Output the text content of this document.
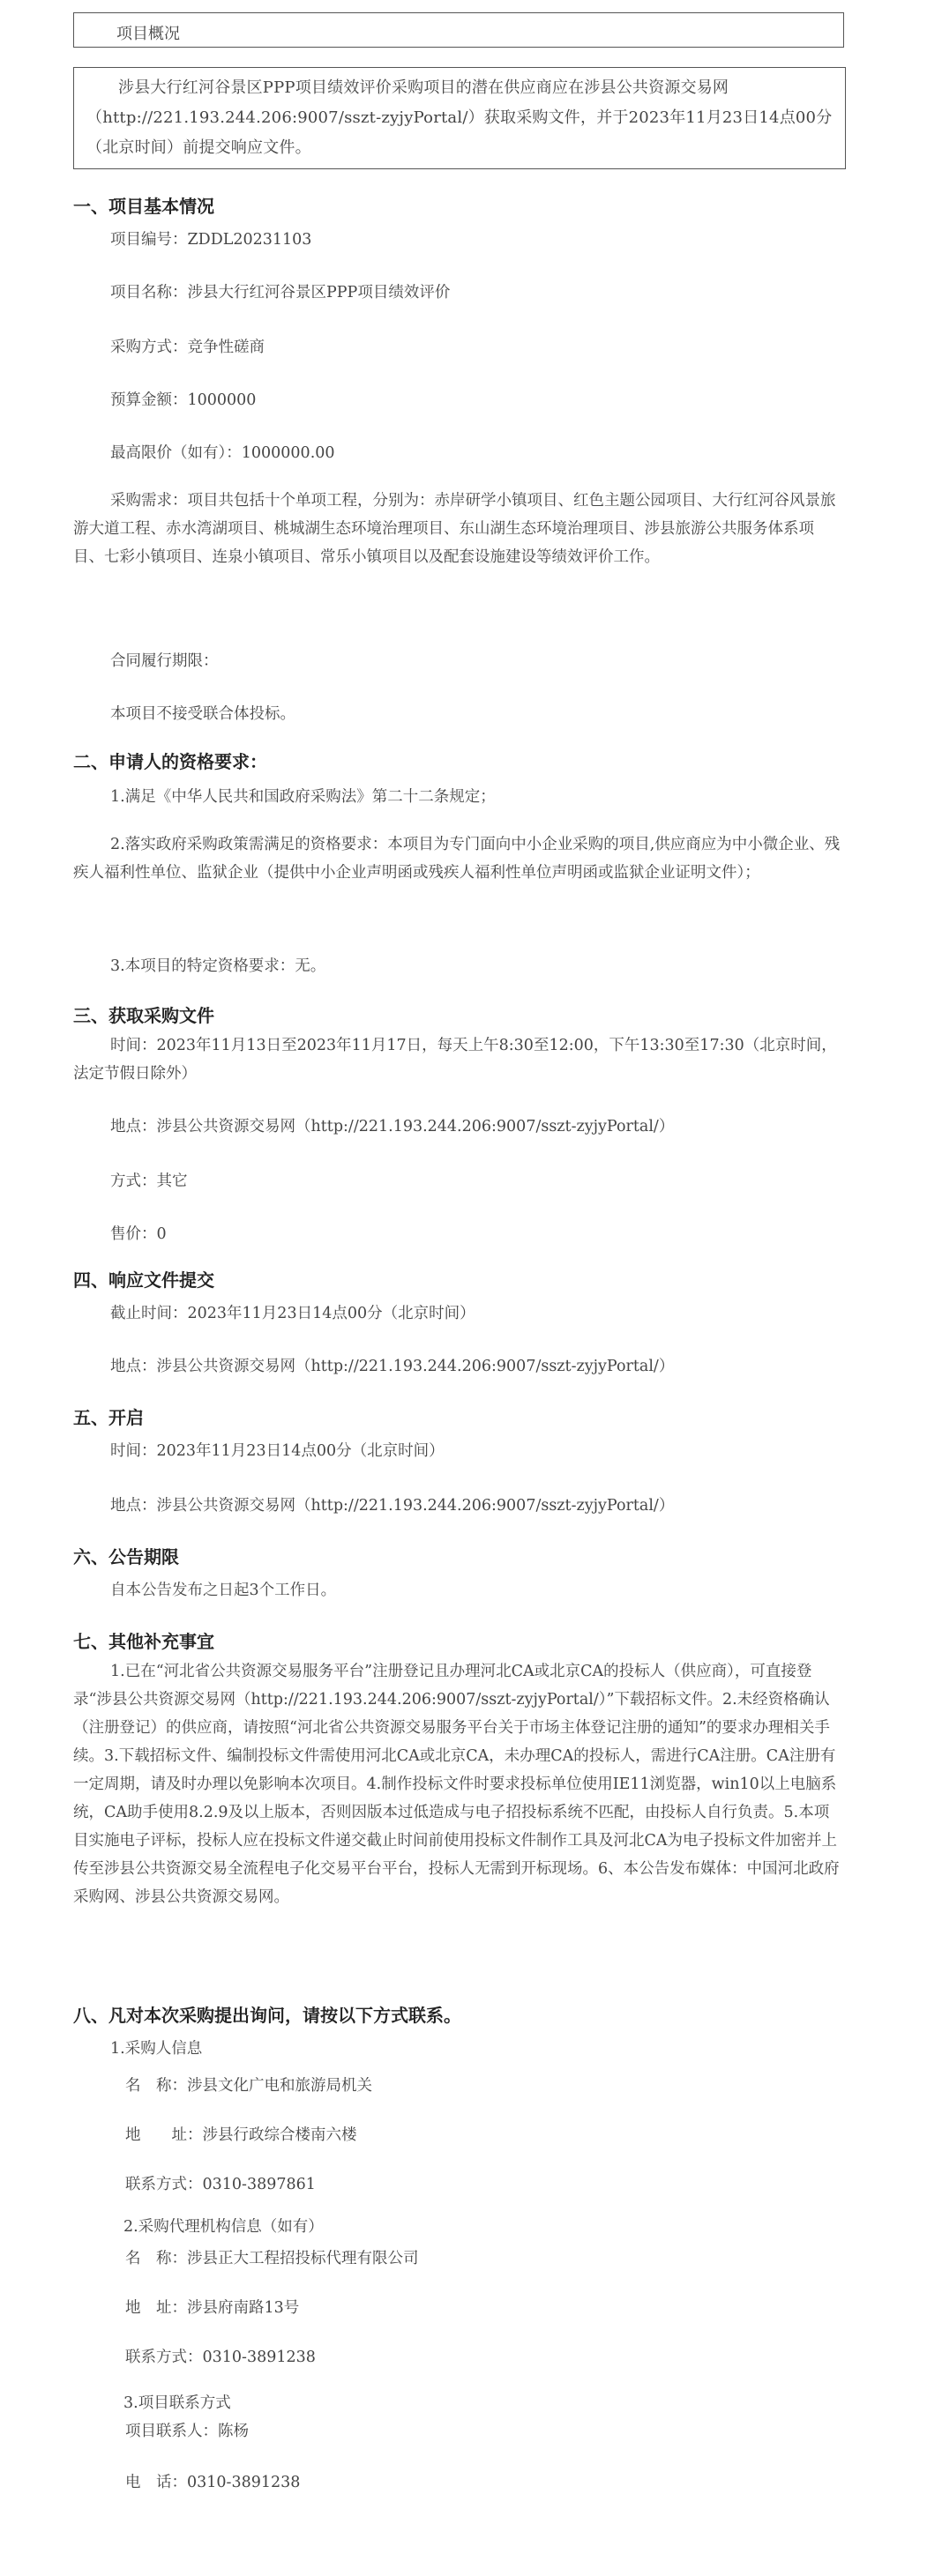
项目概况

涉县大行红河谷景区PPP项目绩效评价采购项目的潜在供应商应在涉县公共资源交易网（http://221.193.244.206:9007/sszt-zyjyPortal/）获取采购文件，并于2023年11月23日14点00分（北京时间）前提交响应文件。

一、项目基本情况
项目编号：ZDDL20231103
项目名称：涉县大行红河谷景区PPP项目绩效评价
采购方式：竞争性磋商
预算金额：1000000
最高限价（如有）：1000000.00

采购需求：项目共包括十个单项工程，分别为：赤岸研学小镇项目、红色主题公园项目、大行红河谷风景旅游大道工程、赤水湾湖项目、桃城湖生态环境治理项目、东山湖生态环境治理项目、涉县旅游公共服务体系项目、七彩小镇项目、连泉小镇项目、常乐小镇项目以及配套设施建设等绩效评价工作。

合同履行期限：
本项目不接受联合体投标。
二、申请人的资格要求：
1.满足《中华人民共和国政府采购法》第二十二条规定；

2.落实政府采购政策需满足的资格要求：本项目为专门面向中小企业采购的项目,供应商应为中小微企业、残疾人福利性单位、监狱企业（提供中小企业声明函或残疾人福利性单位声明函或监狱企业证明文件）；

3.本项目的特定资格要求：无。
三、获取采购文件

时间：2023年11月13日至2023年11月17日，每天上午8:30至12:00，下午13:30至17:30（北京时间，法定节假日除外）

地点：涉县公共资源交易网（http://221.193.244.206:9007/sszt-zyjyPortal/）
方式：其它
售价：0
四、响应文件提交
截止时间：2023年11月23日14点00分（北京时间）
地点：涉县公共资源交易网（http://221.193.244.206:9007/sszt-zyjyPortal/）
五、开启
时间：2023年11月23日14点00分（北京时间）
地点：涉县公共资源交易网（http://221.193.244.206:9007/sszt-zyjyPortal/）
六、公告期限
自本公告发布之日起3个工作日。
七、其他补充事宜

1.已在“河北省公共资源交易服务平台”注册登记且办理河北CA或北京CA的投标人（供应商），可直接登录“涉县公共资源交易网（http://221.193.244.206:9007/sszt-zyjyPortal/）”下载招标文件。2.未经资格确认（注册登记）的供应商，请按照“河北省公共资源交易服务平台关于市场主体登记注册的通知”的要求办理相关手续。3.下载招标文件、编制投标文件需使用河北CA或北京CA，未办理CA的投标人，需进行CA注册。CA注册有一定周期，请及时办理以免影响本次项目。4.制作投标文件时要求投标单位使用IE11浏览器，win10以上电脑系统，CA助手使用8.2.9及以上版本，否则因版本过低造成与电子招投标系统不匹配，由投标人自行负责。5.本项目实施电子评标，投标人应在投标文件递交截止时间前使用投标文件制作工具及河北CA为电子投标文件加密并上传至涉县公共资源交易全流程电子化交易平台平台，投标人无需到开标现场。6、本公告发布媒体：中国河北政府采购网、涉县公共资源交易网。

八、凡对本次采购提出询问，请按以下方式联系。
1.采购人信息
名　称：涉县文化广电和旅游局机关
地　　址：涉县行政综合楼南六楼
联系方式：0310-3897861
2.采购代理机构信息（如有）
名　称：涉县正大工程招投标代理有限公司
地　址：涉县府南路13号
联系方式：0310-3891238
3.项目联系方式
项目联系人：陈杨
电　话：0310-3891238
